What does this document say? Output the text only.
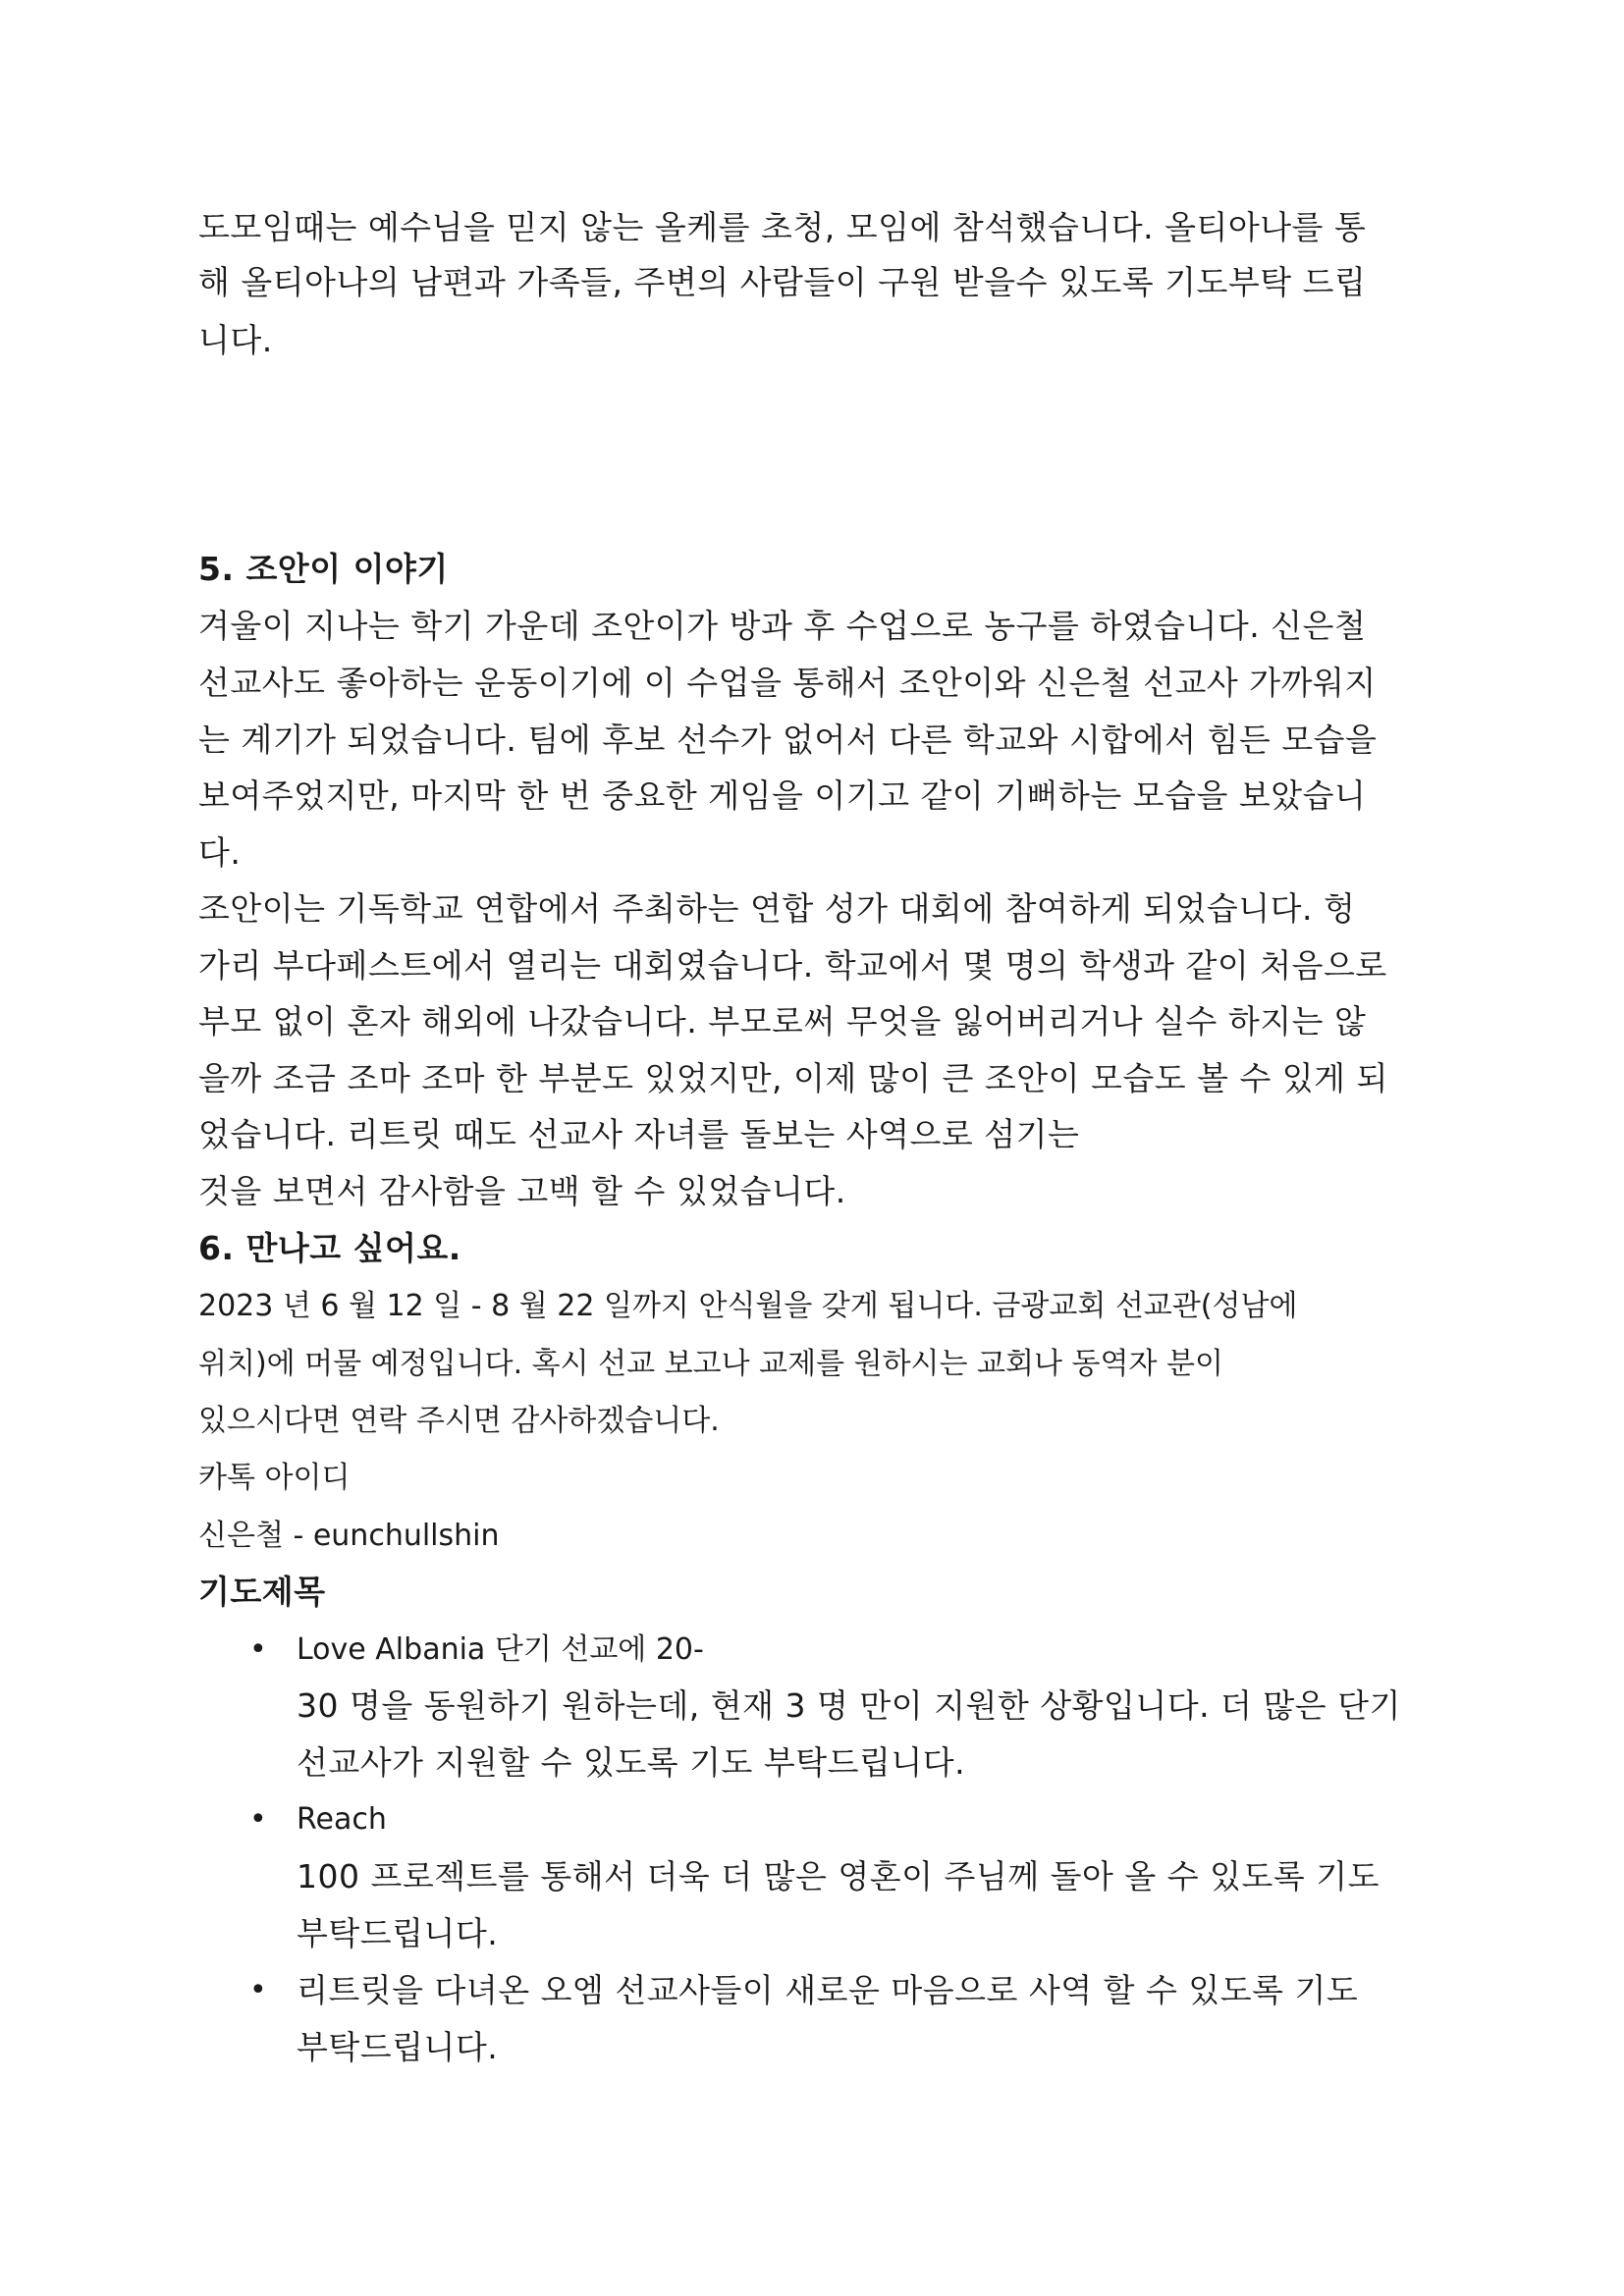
도모임때는 예수님을 믿지 않는 올케를 초청, 모임에 참석했습니다. 올티아나를 통
해 올티아나의 남편과 가족들, 주변의 사람들이 구원 받을수 있도록 기도부탁 드립
니다.
5. 조안이 이야기
겨울이 지나는 학기 가운데 조안이가 방과 후 수업으로 농구를 하였습니다. 신은철
선교사도 좋아하는 운동이기에 이 수업을 통해서 조안이와 신은철 선교사 가까워지
는 계기가 되었습니다. 팀에 후보 선수가 없어서 다른 학교와 시합에서 힘든 모습을
보여주었지만, 마지막 한 번 중요한 게임을 이기고 같이 기뻐하는 모습을 보았습니
다.
조안이는 기독학교 연합에서 주최하는 연합 성가 대회에 참여하게 되었습니다. 헝
가리 부다페스트에서 열리는 대회였습니다. 학교에서 몇 명의 학생과 같이 처음으로
부모 없이 혼자 해외에 나갔습니다. 부모로써 무엇을 잃어버리거나 실수 하지는 않
을까 조금 조마 조마 한 부분도 있었지만, 이제 많이 큰 조안이 모습도 볼 수 있게 되
었습니다. 리트릿 때도 선교사 자녀를 돌보는 사역으로 섬기는
것을 보면서 감사함을 고백 할 수 있었습니다.
6. 만나고 싶어요.
2023 년 6 월 12 일 - 8 월 22 일까지 안식월을 갖게 됩니다. 금광교회 선교관(성남에
위치)에 머물 예정입니다. 혹시 선교 보고나 교제를 원하시는 교회나 동역자 분이
있으시다면 연락 주시면 감사하겠습니다.
카톡 아이디
신은철 - eunchullshin
기도제목
• Love Albania 단기 선교에 20-
30 명을 동원하기 원하는데, 현재 3 명 만이 지원한 상황입니다. 더 많은 단기
선교사가 지원할 수 있도록 기도 부탁드립니다.
• Reach
100 프로젝트를 통해서 더욱 더 많은 영혼이 주님께 돌아 올 수 있도록 기도
부탁드립니다.
• 리트릿을 다녀온 오엠 선교사들이 새로운 마음으로 사역 할 수 있도록 기도
부탁드립니다.
